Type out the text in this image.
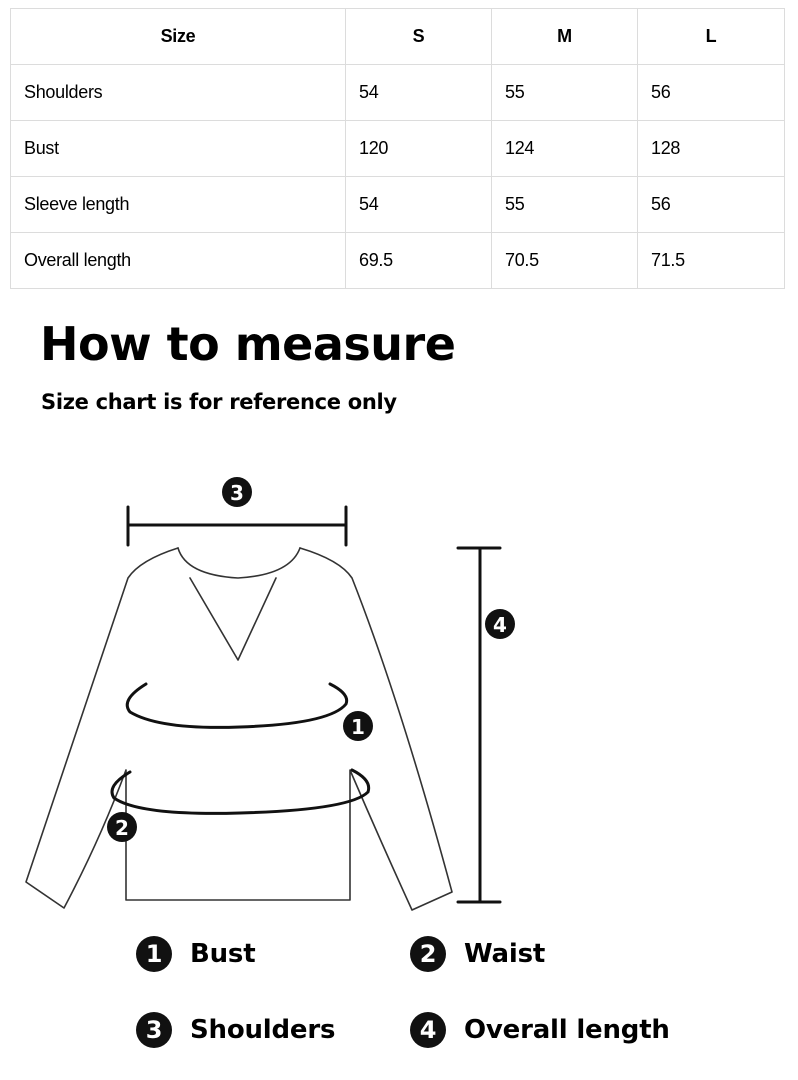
Size	S	M	L
Shoulders	54	55	56
Bust	120	124	128
Sleeve length	54	55	56
Overall length	69.5	70.5	71.5
How to measure

Size chart is for reference only

3
4
1
2
1	Bust	2	Waist
3	Shoulders	4	Overall length
